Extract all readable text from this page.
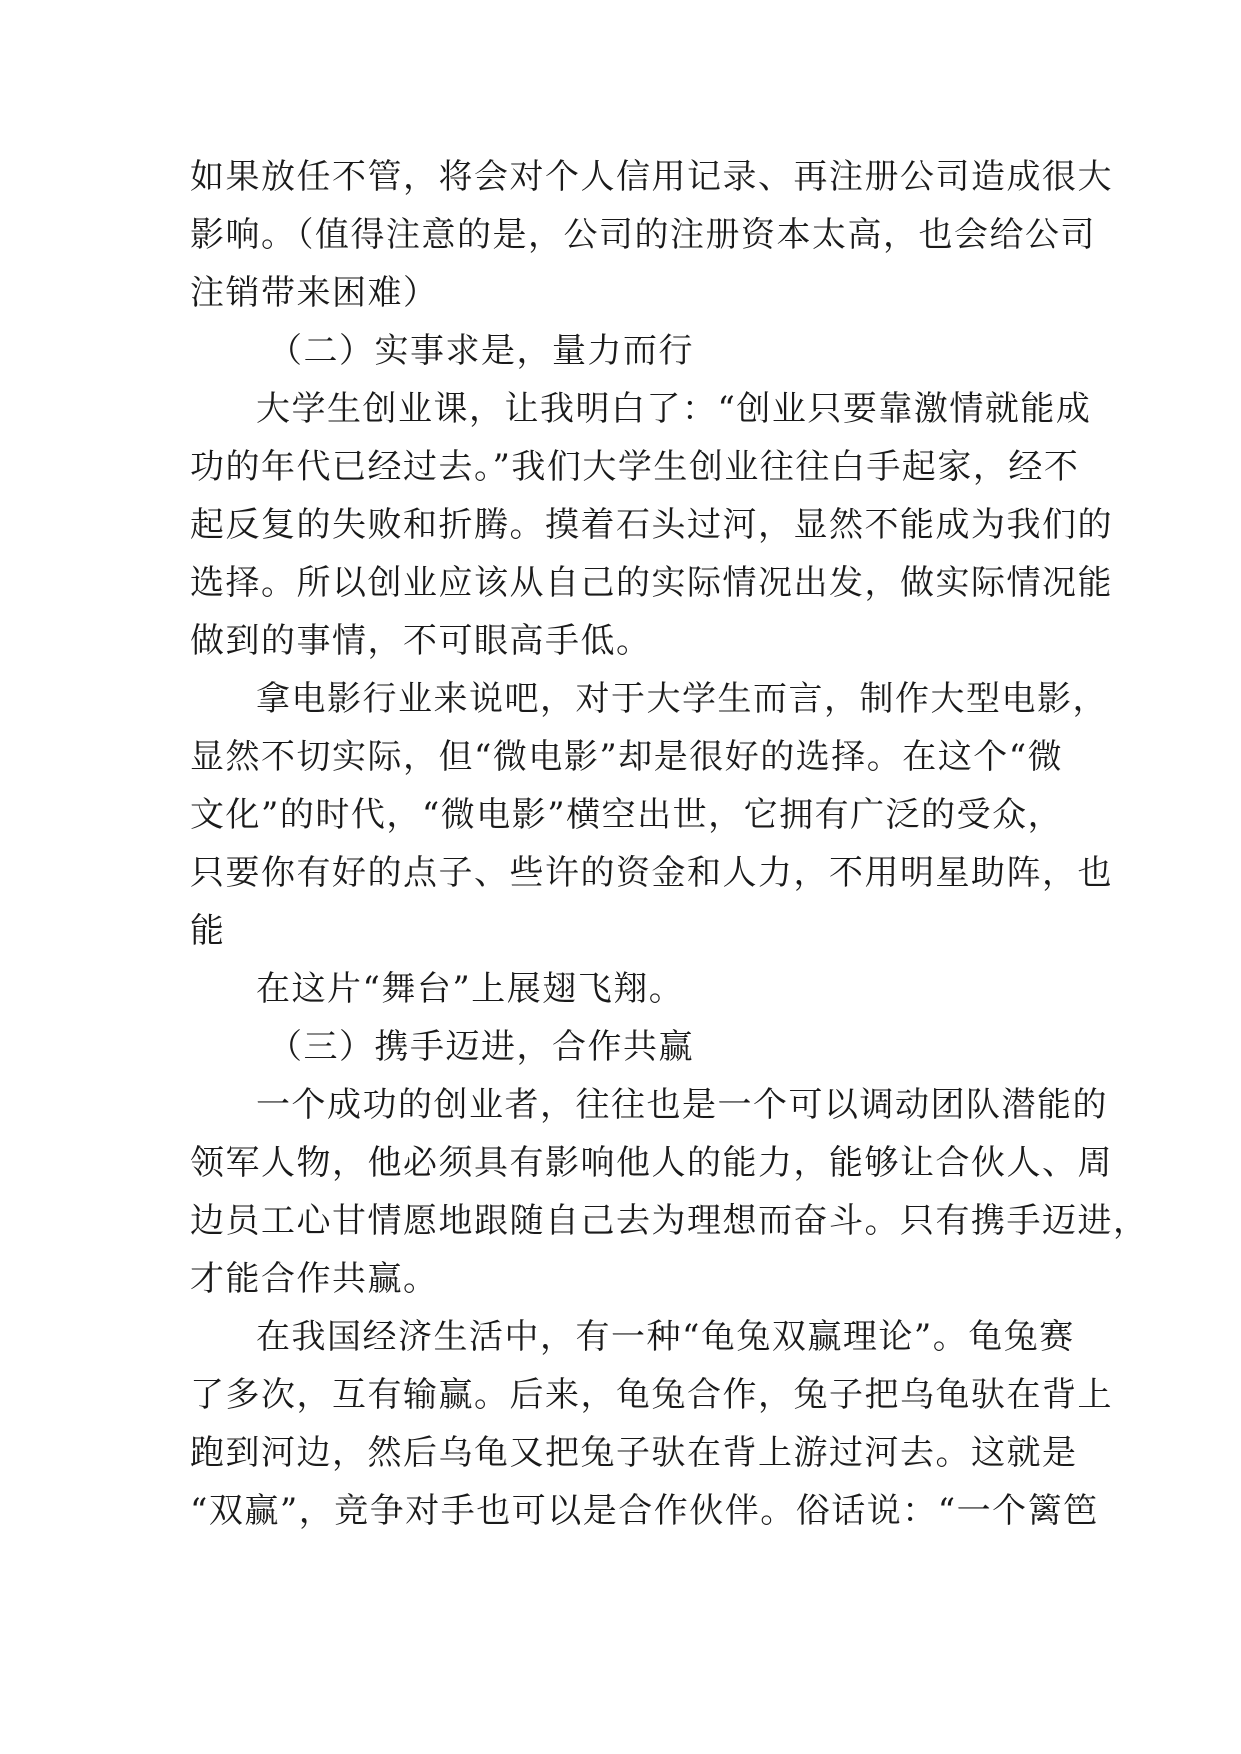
如果放任不管，将会对个人信用记录、再注册公司造成很大
影响。（值得注意的是，公司的注册资本太高，也会给公司
注销带来困难）
（二）实事求是，量力而行
大学生创业课，让我明白了：“创业只要靠激情就能成
功的年代已经过去。”我们大学生创业往往白手起家，经不
起反复的失败和折腾。摸着石头过河，显然不能成为我们的
选择。所以创业应该从自己的实际情况出发，做实际情况能
做到的事情，不可眼高手低。
拿电影行业来说吧，对于大学生而言，制作大型电影，
显然不切实际，但“微电影”却是很好的选择。在这个“微
文化”的时代，“微电影”横空出世，它拥有广泛的受众，
只要你有好的点子、些许的资金和人力，不用明星助阵，也
能
在这片“舞台”上展翅飞翔。
（三）携手迈进，合作共赢
一个成功的创业者，往往也是一个可以调动团队潜能的
领军人物，他必须具有影响他人的能力，能够让合伙人、周
边员工心甘情愿地跟随自己去为理想而奋斗。只有携手迈进，
才能合作共赢。
在我国经济生活中，有一种“龟兔双赢理论”。龟兔赛
了多次，互有输赢。后来，龟兔合作，兔子把乌龟驮在背上
跑到河边，然后乌龟又把兔子驮在背上游过河去。这就是
“双赢”，竞争对手也可以是合作伙伴。俗话说：“一个篱笆
